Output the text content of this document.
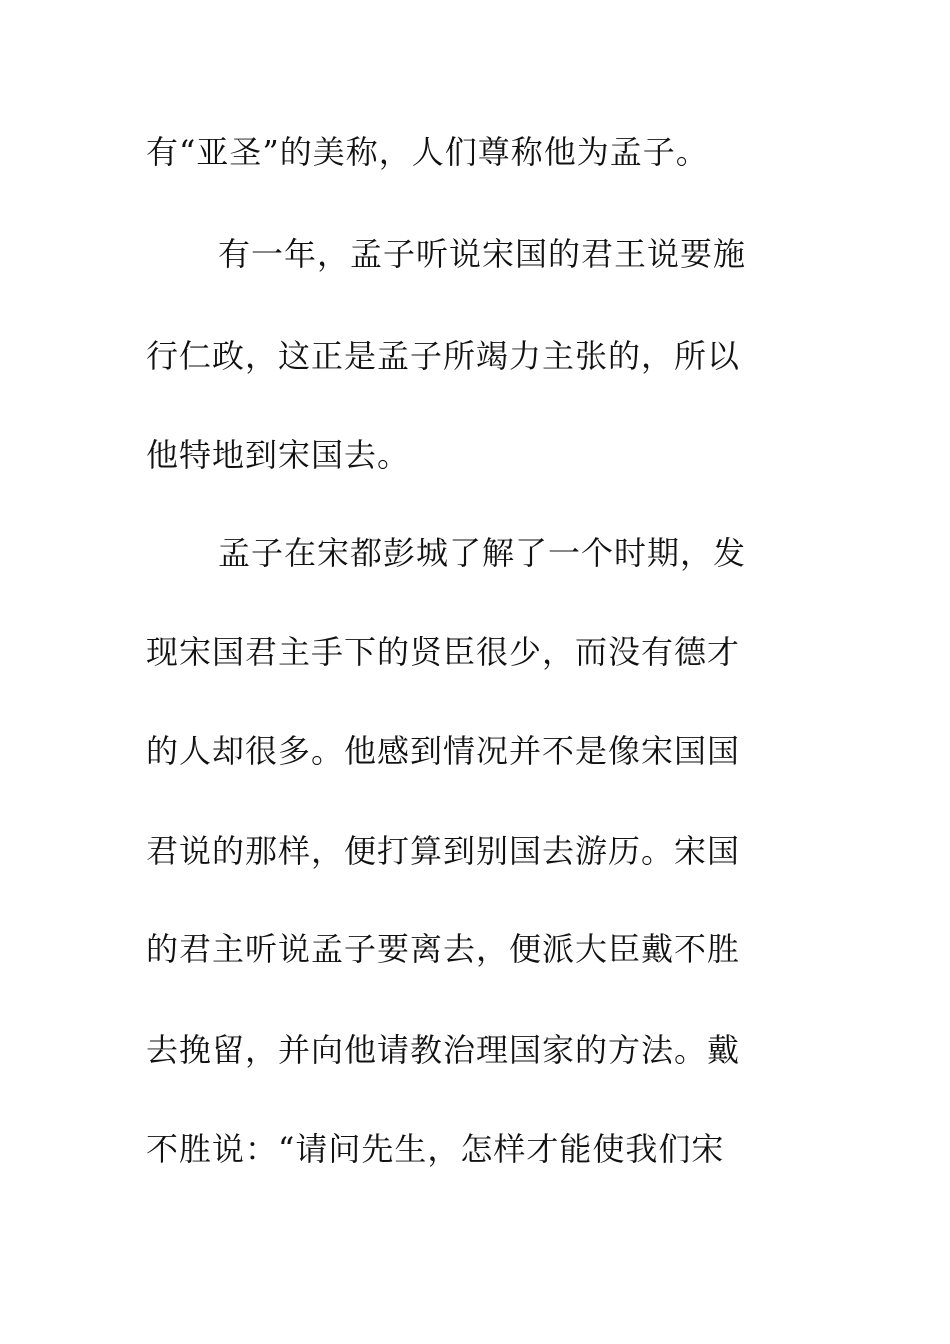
有“亚圣”的美称，人们尊称他为孟子。
有一年，孟子听说宋国的君王说要施
行仁政，这正是孟子所竭力主张的，所以
他特地到宋国去。
孟子在宋都彭城了解了一个时期，发
现宋国君主手下的贤臣很少，而没有德才
的人却很多。他感到情况并不是像宋国国
君说的那样，便打算到别国去游历。宋国
的君主听说孟子要离去，便派大臣戴不胜
去挽留，并向他请教治理国家的方法。戴
不胜说：“请问先生，怎样才能使我们宋
